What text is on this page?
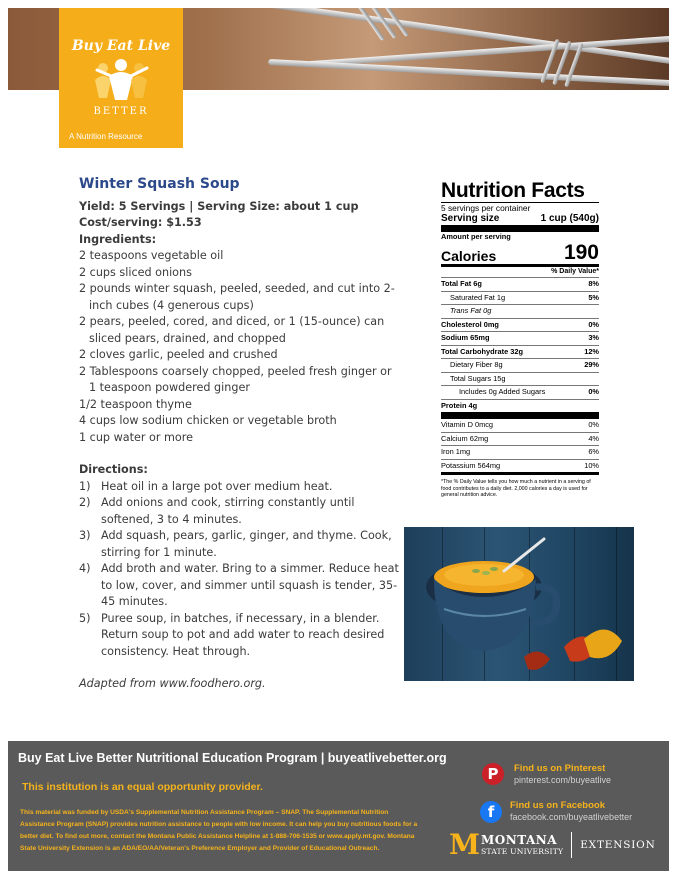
Buy Eat Live
BETTER
A Nutrition Resource
Winter Squash Soup
Yield: 5 Servings | Serving Size: about 1 cup
Cost/serving: $1.53
Ingredients:
2 teaspoons vegetable oil
2 cups sliced onions
2 pounds winter squash, peeled, seeded, and cut into 2-inch cubes (4 generous cups)
2 pears, peeled, cored, and diced, or 1 (15-ounce) can sliced pears, drained, and chopped
2 cloves garlic, peeled and crushed
2 Tablespoons coarsely chopped, peeled fresh ginger or 1 teaspoon powdered ginger
1/2 teaspoon thyme
4 cups low sodium chicken or vegetable broth
1 cup water or more
Directions:
1) Heat oil in a large pot over medium heat.
2) Add onions and cook, stirring constantly until softened, 3 to 4 minutes.
3) Add squash, pears, garlic, ginger, and thyme. Cook, stirring for 1 minute.
4) Add broth and water. Bring to a simmer. Reduce heat to low, cover, and simmer until squash is tender, 35-45 minutes.
5) Puree soup, in batches, if necessary, in a blender. Return soup to pot and add water to reach desired consistency. Heat through.
Adapted from www.foodhero.org.
Nutrition Facts
5 servings per container
Serving size	1 cup (540g)
Amount per serving
Calories	190
% Daily Value*
Total Fat 6g	8%
Saturated Fat 1g	5%
Trans Fat 0g
Cholesterol 0mg	0%
Sodium 65mg	3%
Total Carbohydrate 32g	12%
Dietary Fiber 8g	29%
Total Sugars 15g
Includes 0g Added Sugars	0%
Protein 4g
Vitamin D 0mcg	0%
Calcium 62mg	4%
Iron 1mg	6%
Potassium 564mg	10%
*The % Daily Value tells you how much a nutrient in a serving of food contributes to a daily diet. 2,000 calories a day is used for general nutrition advice.
Buy Eat Live Better Nutritional Education Program | buyeatlivebetter.org
This institution is an equal opportunity provider.
This material was funded by USDA's Supplemental Nutrition Assistance Program – SNAP. The Supplemental Nutrition Assistance Program (SNAP) provides nutrition assistance to people with low income. It can help you buy nutritious foods for a better diet. To find out more, contact the Montana Public Assistance Helpline at 1-888-706-1535 or www.apply.mt.gov. Montana State University Extension is an ADA/EO/AA/Veteran's Preference Employer and Provider of Educational Outreach.
P	Find us on Pinterest
pinterest.com/buyeatlive
f	Find us on Facebook
facebook.com/buyeatlivebetter
M MONTANA
STATE UNIVERSITY EXTENSION
